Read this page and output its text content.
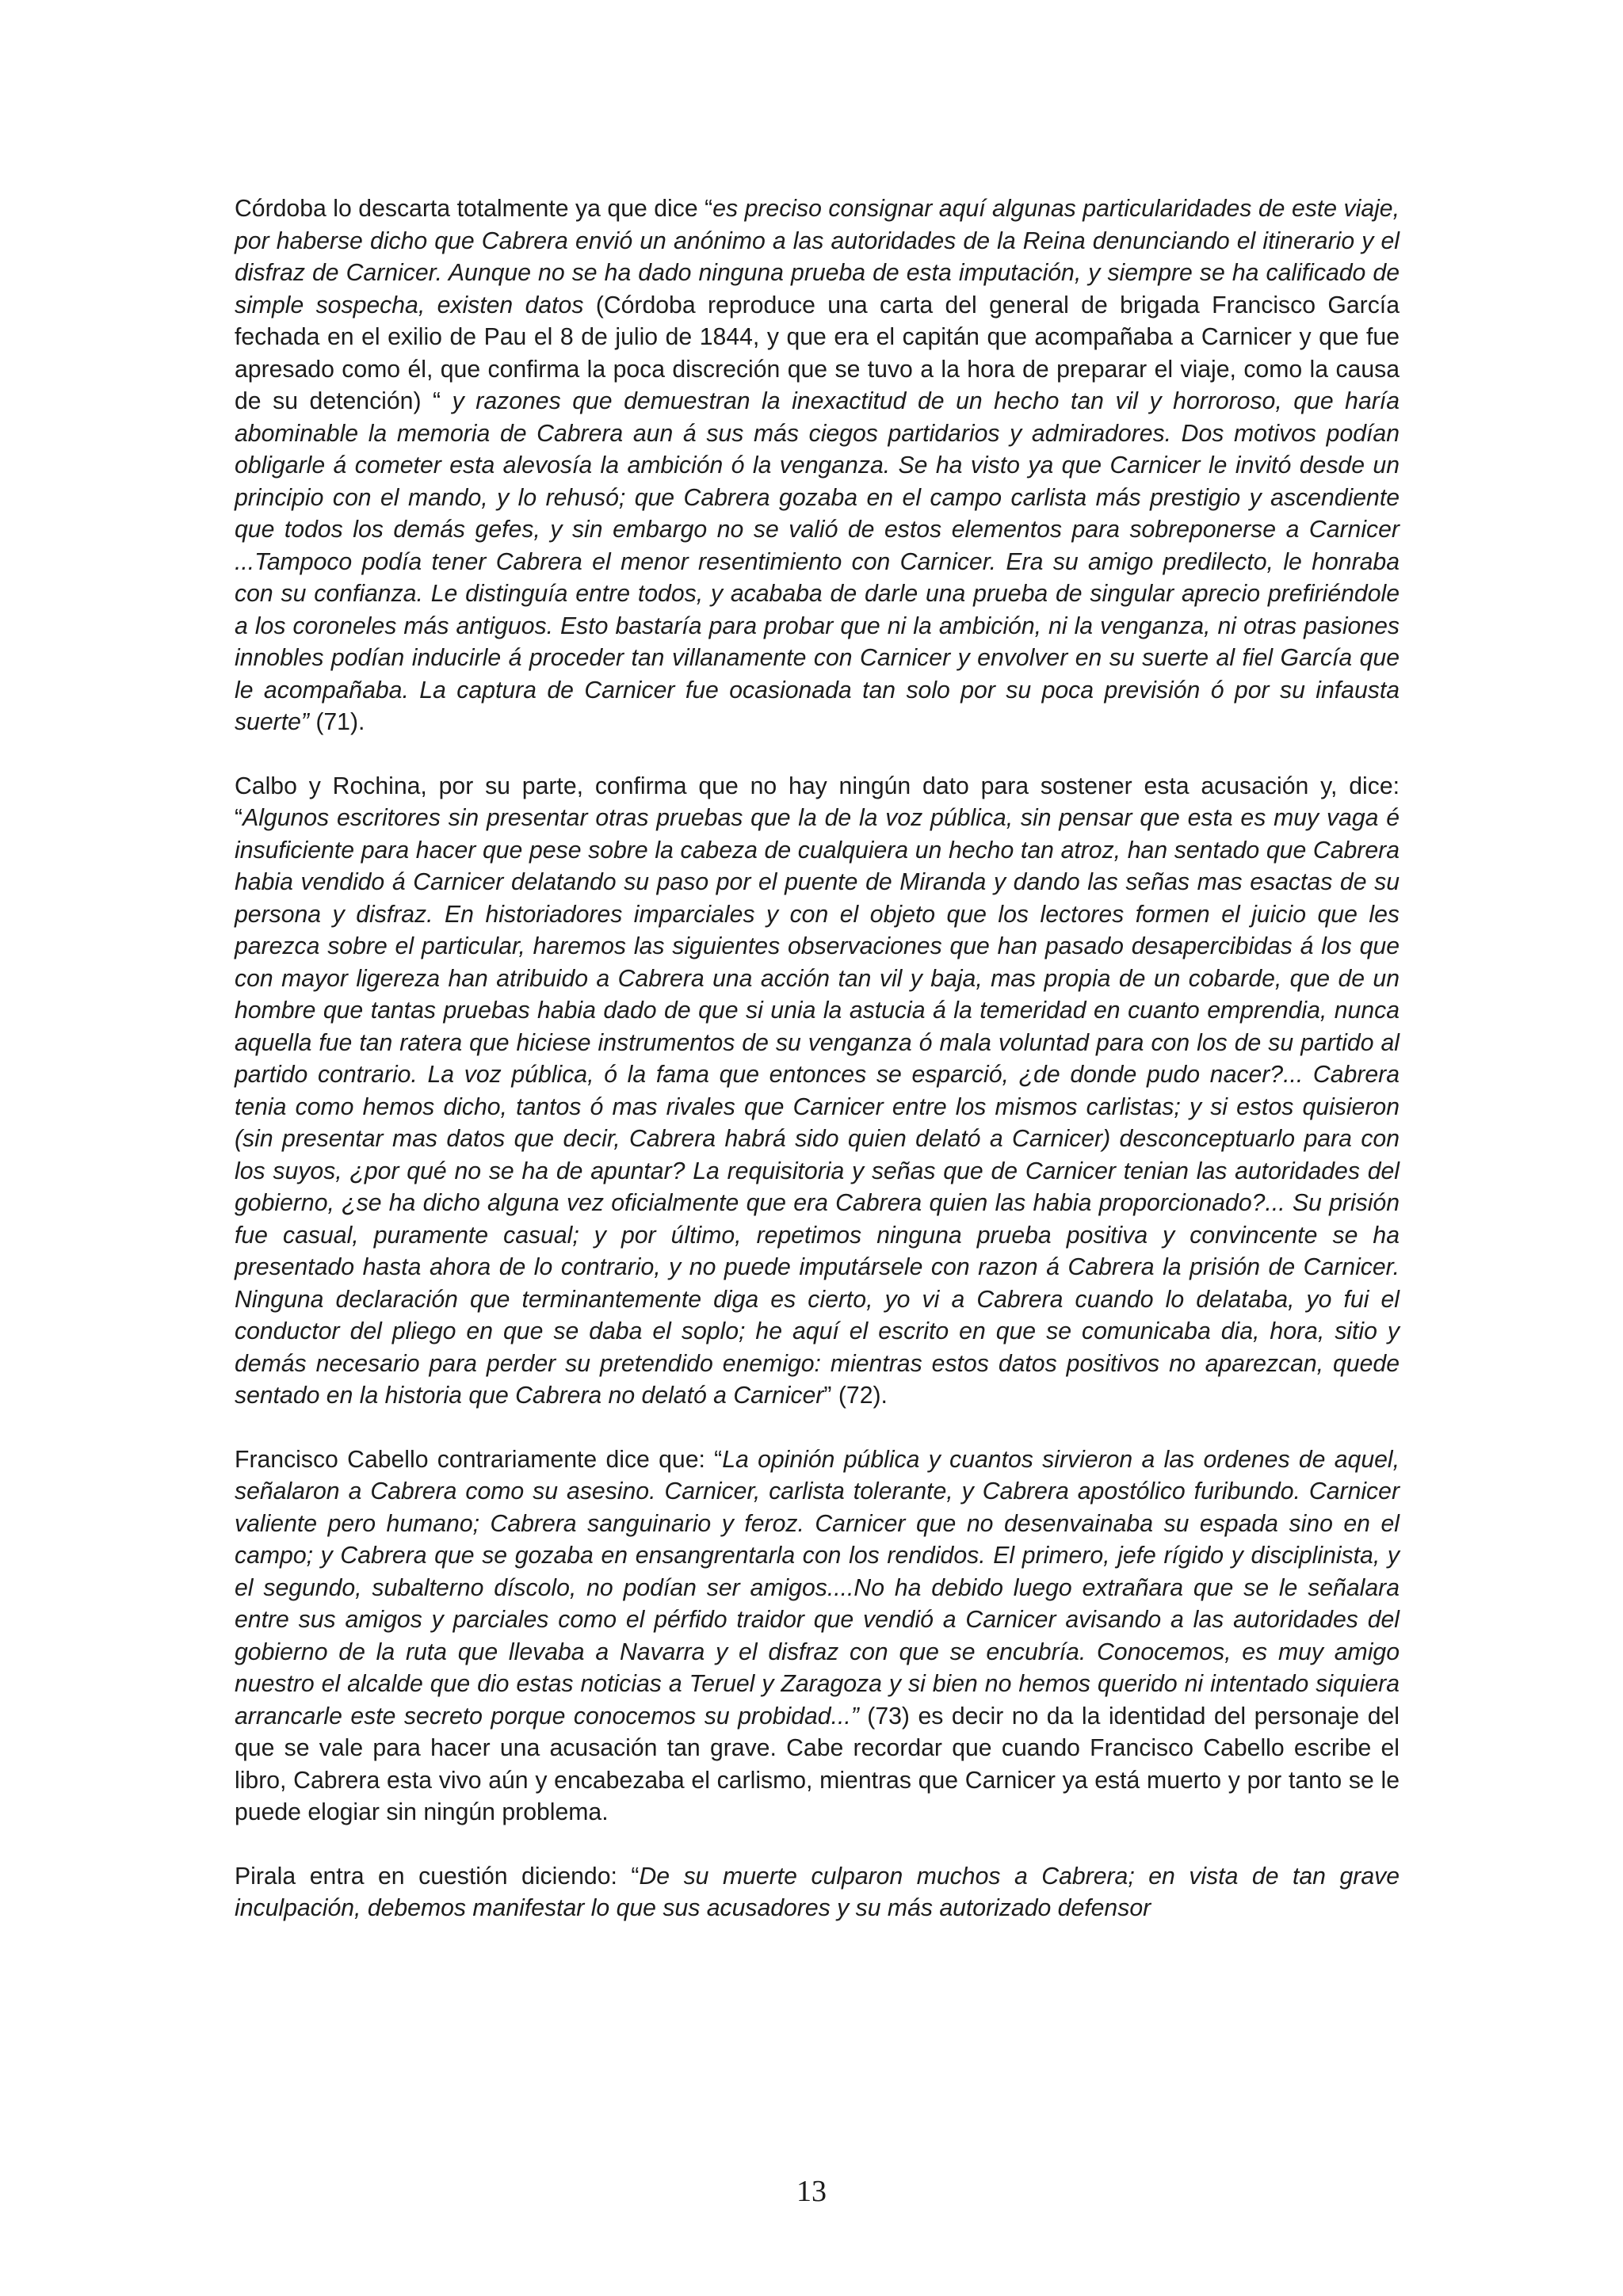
Córdoba lo descarta totalmente ya que dice “es preciso consignar aquí algunas particularidades de este viaje, por haberse dicho que Cabrera envió un anónimo a las autoridades de la Reina denunciando el itinerario y el disfraz de Carnicer. Aunque no se ha dado ninguna prueba de esta imputación, y siempre se ha calificado de simple sospecha, existen datos (Córdoba reproduce una carta del general de brigada Francisco García fechada en el exilio de Pau el 8 de julio de 1844, y que era el capitán que acompañaba a Carnicer y que fue apresado como él, que confirma la poca discreción que se tuvo a la hora de preparar el viaje, como la causa de su detención) “ y razones que demuestran la inexactitud de un hecho tan vil y horroroso, que haría abominable la memoria de Cabrera aun á sus más ciegos partidarios y admiradores. Dos motivos podían obligarle á cometer esta alevosía la ambición ó la venganza. Se ha visto ya que Carnicer le invitó desde un principio con el mando, y lo rehusó; que Cabrera gozaba en el campo carlista más prestigio y ascendiente que todos los demás gefes, y sin embargo no se valió de estos elementos para sobreponerse a Carnicer ...Tampoco podía tener Cabrera el menor resentimiento con Carnicer. Era su amigo predilecto, le honraba con su confianza. Le distinguía entre todos, y acababa de darle una prueba de singular aprecio prefiriéndole a los coroneles más antiguos. Esto bastaría para probar que ni la ambición, ni la venganza, ni otras pasiones innobles podían inducirle á proceder tan villanamente con Carnicer y envolver en su suerte al fiel García que le acompañaba. La captura de Carnicer fue ocasionada tan solo por su poca previsión ó por su infausta suerte” (71).

Calbo y Rochina, por su parte, confirma que no hay ningún dato para sostener esta acusación y, dice: “Algunos escritores sin presentar otras pruebas que la de la voz pública, sin pensar que esta es muy vaga é insuficiente para hacer que pese sobre la cabeza de cualquiera un hecho tan atroz, han sentado que Cabrera habia vendido á Carnicer delatando su paso por el puente de Miranda y dando las señas mas esactas de su persona y disfraz. En historiadores imparciales y con el objeto que los lectores formen el juicio que les parezca sobre el particular, haremos las siguientes observaciones que han pasado desapercibidas á los que con mayor ligereza han atribuido a Cabrera una acción tan vil y baja, mas propia de un cobarde, que de un hombre que tantas pruebas habia dado de que si unia la astucia á la temeridad en cuanto emprendia, nunca aquella fue tan ratera que hiciese instrumentos de su venganza ó mala voluntad para con los de su partido al partido contrario. La voz pública, ó la fama que entonces se esparció, ¿de donde pudo nacer?... Cabrera tenia como hemos dicho, tantos ó mas rivales que Carnicer entre los mismos carlistas; y si estos quisieron (sin presentar mas datos que decir, Cabrera habrá sido quien delató a Carnicer) desconceptuarlo para con los suyos, ¿por qué no se ha de apuntar? La requisitoria y señas que de Carnicer tenian las autoridades del gobierno, ¿se ha dicho alguna vez oficialmente que era Cabrera quien las habia proporcionado?... Su prisión fue casual, puramente casual; y por último, repetimos ninguna prueba positiva y convincente se ha presentado hasta ahora de lo contrario, y no puede imputársele con razon á Cabrera la prisión de Carnicer. Ninguna declaración que terminantemente diga es cierto, yo vi a Cabrera cuando lo delataba, yo fui el conductor del pliego en que se daba el soplo; he aquí el escrito en que se comunicaba dia, hora, sitio y demás necesario para perder su pretendido enemigo: mientras estos datos positivos no aparezcan, quede sentado en la historia que Cabrera no delató a Carnicer” (72).

Francisco Cabello contrariamente dice que: “La opinión pública y cuantos sirvieron a las ordenes de aquel, señalaron a Cabrera como su asesino. Carnicer, carlista tolerante, y Cabrera apostólico furibundo. Carnicer valiente pero humano; Cabrera sanguinario y feroz. Carnicer que no desenvainaba su espada sino en el campo; y Cabrera que se gozaba en ensangrentarla con los rendidos. El primero, jefe rígido y disciplinista, y el segundo, subalterno díscolo, no podían ser amigos....No ha debido luego extrañara que se le señalara entre sus amigos y parciales como el pérfido traidor que vendió a Carnicer avisando a las autoridades del gobierno de la ruta que llevaba a Navarra y el disfraz con que se encubría. Conocemos, es muy amigo nuestro el alcalde que dio estas noticias a Teruel y Zaragoza y si bien no hemos querido ni intentado siquiera arrancarle este secreto porque conocemos su probidad...” (73) es decir no da la identidad del personaje del que se vale para hacer una acusación tan grave. Cabe recordar que cuando Francisco Cabello escribe el libro, Cabrera esta vivo aún y encabezaba el carlismo, mientras que Carnicer ya está muerto y por tanto se le puede elogiar sin ningún problema.

Pirala entra en cuestión diciendo: “De su muerte culparon muchos a Cabrera; en vista de tan grave inculpación, debemos manifestar lo que sus acusadores y su más autorizado defensor

13
